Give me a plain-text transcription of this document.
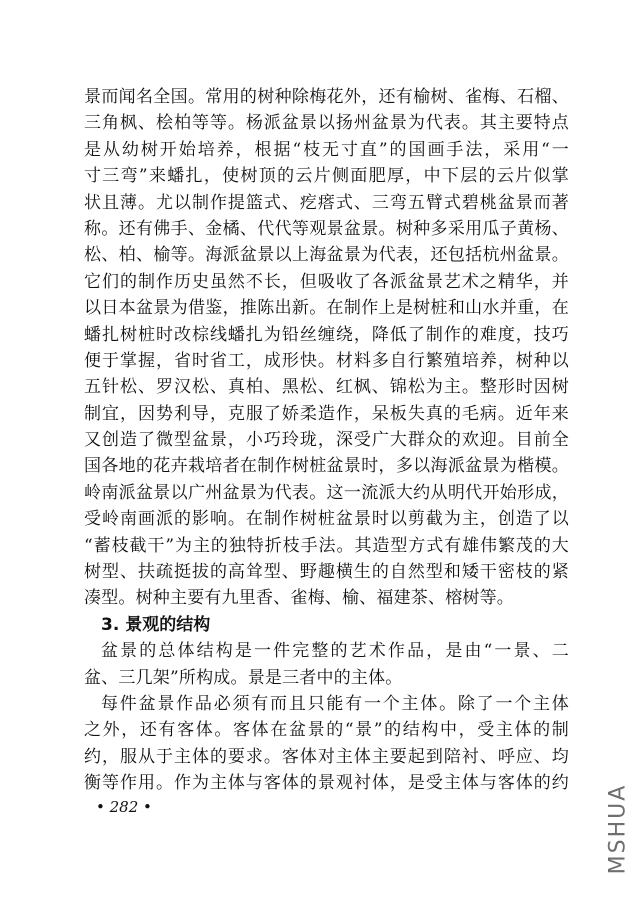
景而闻名全国。常用的树种除梅花外，还有榆树、雀梅、石榴、
三角枫、桧柏等等。杨派盆景以扬州盆景为代表。其主要特点
是从幼树开始培养，根据“枝无寸直”的国画手法，采用“一
寸三弯”来蟠扎，使树顶的云片侧面肥厚，中下层的云片似掌
状且薄。尤以制作提篮式、疙瘩式、三弯五臂式碧桃盆景而著
称。还有佛手、金橘、代代等观景盆景。树种多采用瓜子黄杨、
松、柏、榆等。海派盆景以上海盆景为代表，还包括杭州盆景。
它们的制作历史虽然不长，但吸收了各派盆景艺术之精华，并
以日本盆景为借鉴，推陈出新。在制作上是树桩和山水并重，在
蟠扎树桩时改棕线蟠扎为铅丝缠绕，降低了制作的难度，技巧
便于掌握，省时省工，成形快。材料多自行繁殖培养，树种以
五针松、罗汉松、真柏、黑松、红枫、锦松为主。整形时因树
制宜，因势利导，克服了娇柔造作，呆板失真的毛病。近年来
又创造了微型盆景，小巧玲珑，深受广大群众的欢迎。目前全
国各地的花卉栽培者在制作树桩盆景时，多以海派盆景为楷模。
岭南派盆景以广州盆景为代表。这一流派大约从明代开始形成，
受岭南画派的影响。在制作树桩盆景时以剪截为主，创造了以
“蓄枝截干”为主的独特折枝手法。其造型方式有雄伟繁茂的大
树型、扶疏挺拔的高耸型、野趣横生的自然型和矮干密枝的紧
凑型。树种主要有九里香、雀梅、榆、福建茶、榕树等。
3. 景观的结构
盆景的总体结构是一件完整的艺术作品，是由“一景、二
盆、三几架”所构成。景是三者中的主体。
每件盆景作品必须有而且只能有一个主体。除了一个主体
之外，还有客体。客体在盆景的“景”的结构中，受主体的制
约，服从于主体的要求。客体对主体主要起到陪衬、呼应、均
衡等作用。作为主体与客体的景观衬体，是受主体与客体的约
• 282 •	MSHUA
